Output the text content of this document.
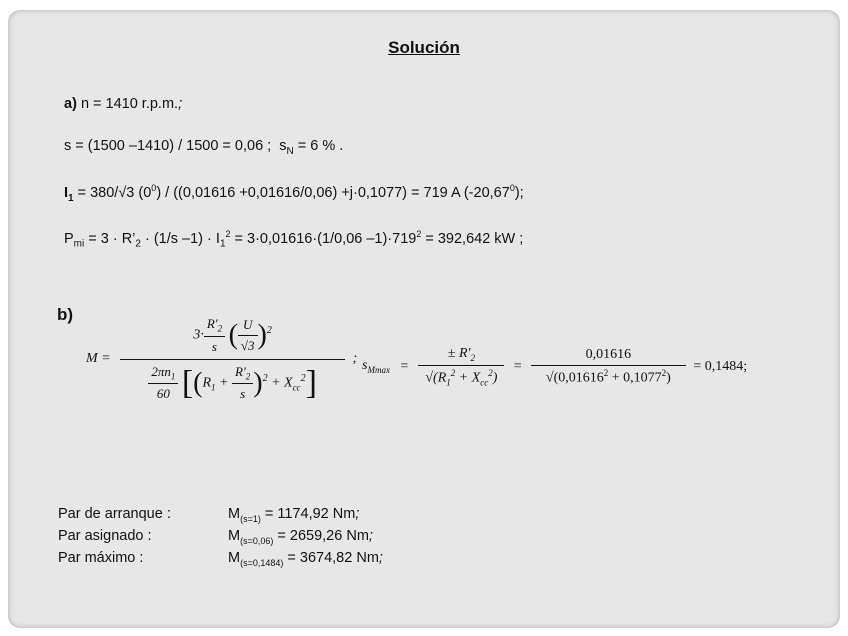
Solución
a) n = 1410 r.p.m.;
s = (1500 –1410) / 1500 = 0,06 ;  $s_N = 6$ % .
$I_1 = 380/√3$ $(0^0) / ((0,01616 +0,01616/0,06) +j\cdot 0,1077) = 719$ A (-20,67$^0$);
$P_{mi} = 3$ · $R’_2 \cdot (1/s$ $-1) \cdot I_1^2 = 3\cdot 0,01616\cdot(1/0,06$ $-1)\cdot 719^2 = 392,642$ kW ;
b)
$M = \frac{3\cdot \frac{R'_2}{s} ( \frac{U}{√3} )^2}{\frac{2\pi n_1}{60} [(R_1 + \frac{R'_2}{s} )^2 + X_{cc}^2]}$ ; $s_{Mmax} = \frac{\pm R'_2}{√(R_1^2 + X_{cc}^2)} = \frac{0,01616}{√(0,01616^2 + 0,1077^2)} = 0,1484$;
Par de arranque :	$M_{(s=1)} = 1174,92$ Nm;
Par asignado :	$M_{(s=0,06)} = 2659,26$ Nm;
Par máximo :	$M_{(s=0,1484)} = 3674,82$ Nm;
